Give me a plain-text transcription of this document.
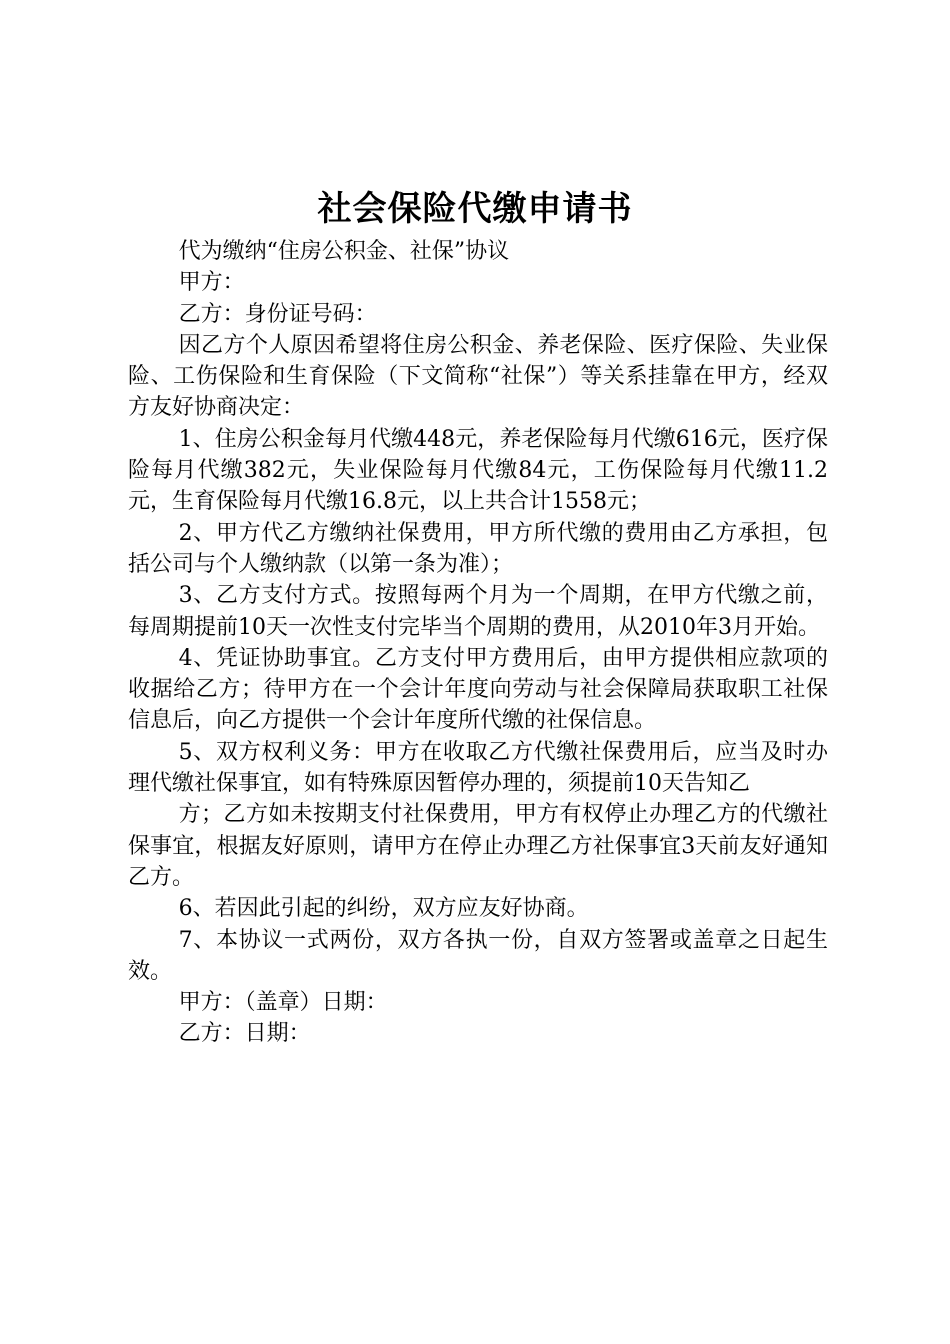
社会保险代缴申请书

代为缴纳“住房公积金、社保”协议

甲方：

乙方：身份证号码：

因乙方个人原因希望将住房公积金、养老保险、医疗保险、失业保险、工伤保险和生育保险（下文简称“社保”）等关系挂靠在甲方，经双方友好协商决定：

1、住房公积金每月代缴448元，养老保险每月代缴616元，医疗保险每月代缴382元，失业保险每月代缴84元，工伤保险每月代缴11.2元，生育保险每月代缴16.8元，以上共合计1558元；

2、甲方代乙方缴纳社保费用，甲方所代缴的费用由乙方承担，包括公司与个人缴纳款（以第一条为准）；

3、乙方支付方式。按照每两个月为一个周期，在甲方代缴之前，每周期提前10天一次性支付完毕当个周期的费用，从2010年3月开始。

4、凭证协助事宜。乙方支付甲方费用后，由甲方提供相应款项的收据给乙方；待甲方在一个会计年度向劳动与社会保障局获取职工社保信息后，向乙方提供一个会计年度所代缴的社保信息。

5、双方权利义务：甲方在收取乙方代缴社保费用后，应当及时办理代缴社保事宜，如有特殊原因暂停办理的，须提前10天告知乙

方；乙方如未按期支付社保费用，甲方有权停止办理乙方的代缴社保事宜，根据友好原则，请甲方在停止办理乙方社保事宜3天前友好通知乙方。

6、若因此引起的纠纷，双方应友好协商。

7、本协议一式两份，双方各执一份，自双方签署或盖章之日起生效。

甲方：（盖章）日期：

乙方：日期：
